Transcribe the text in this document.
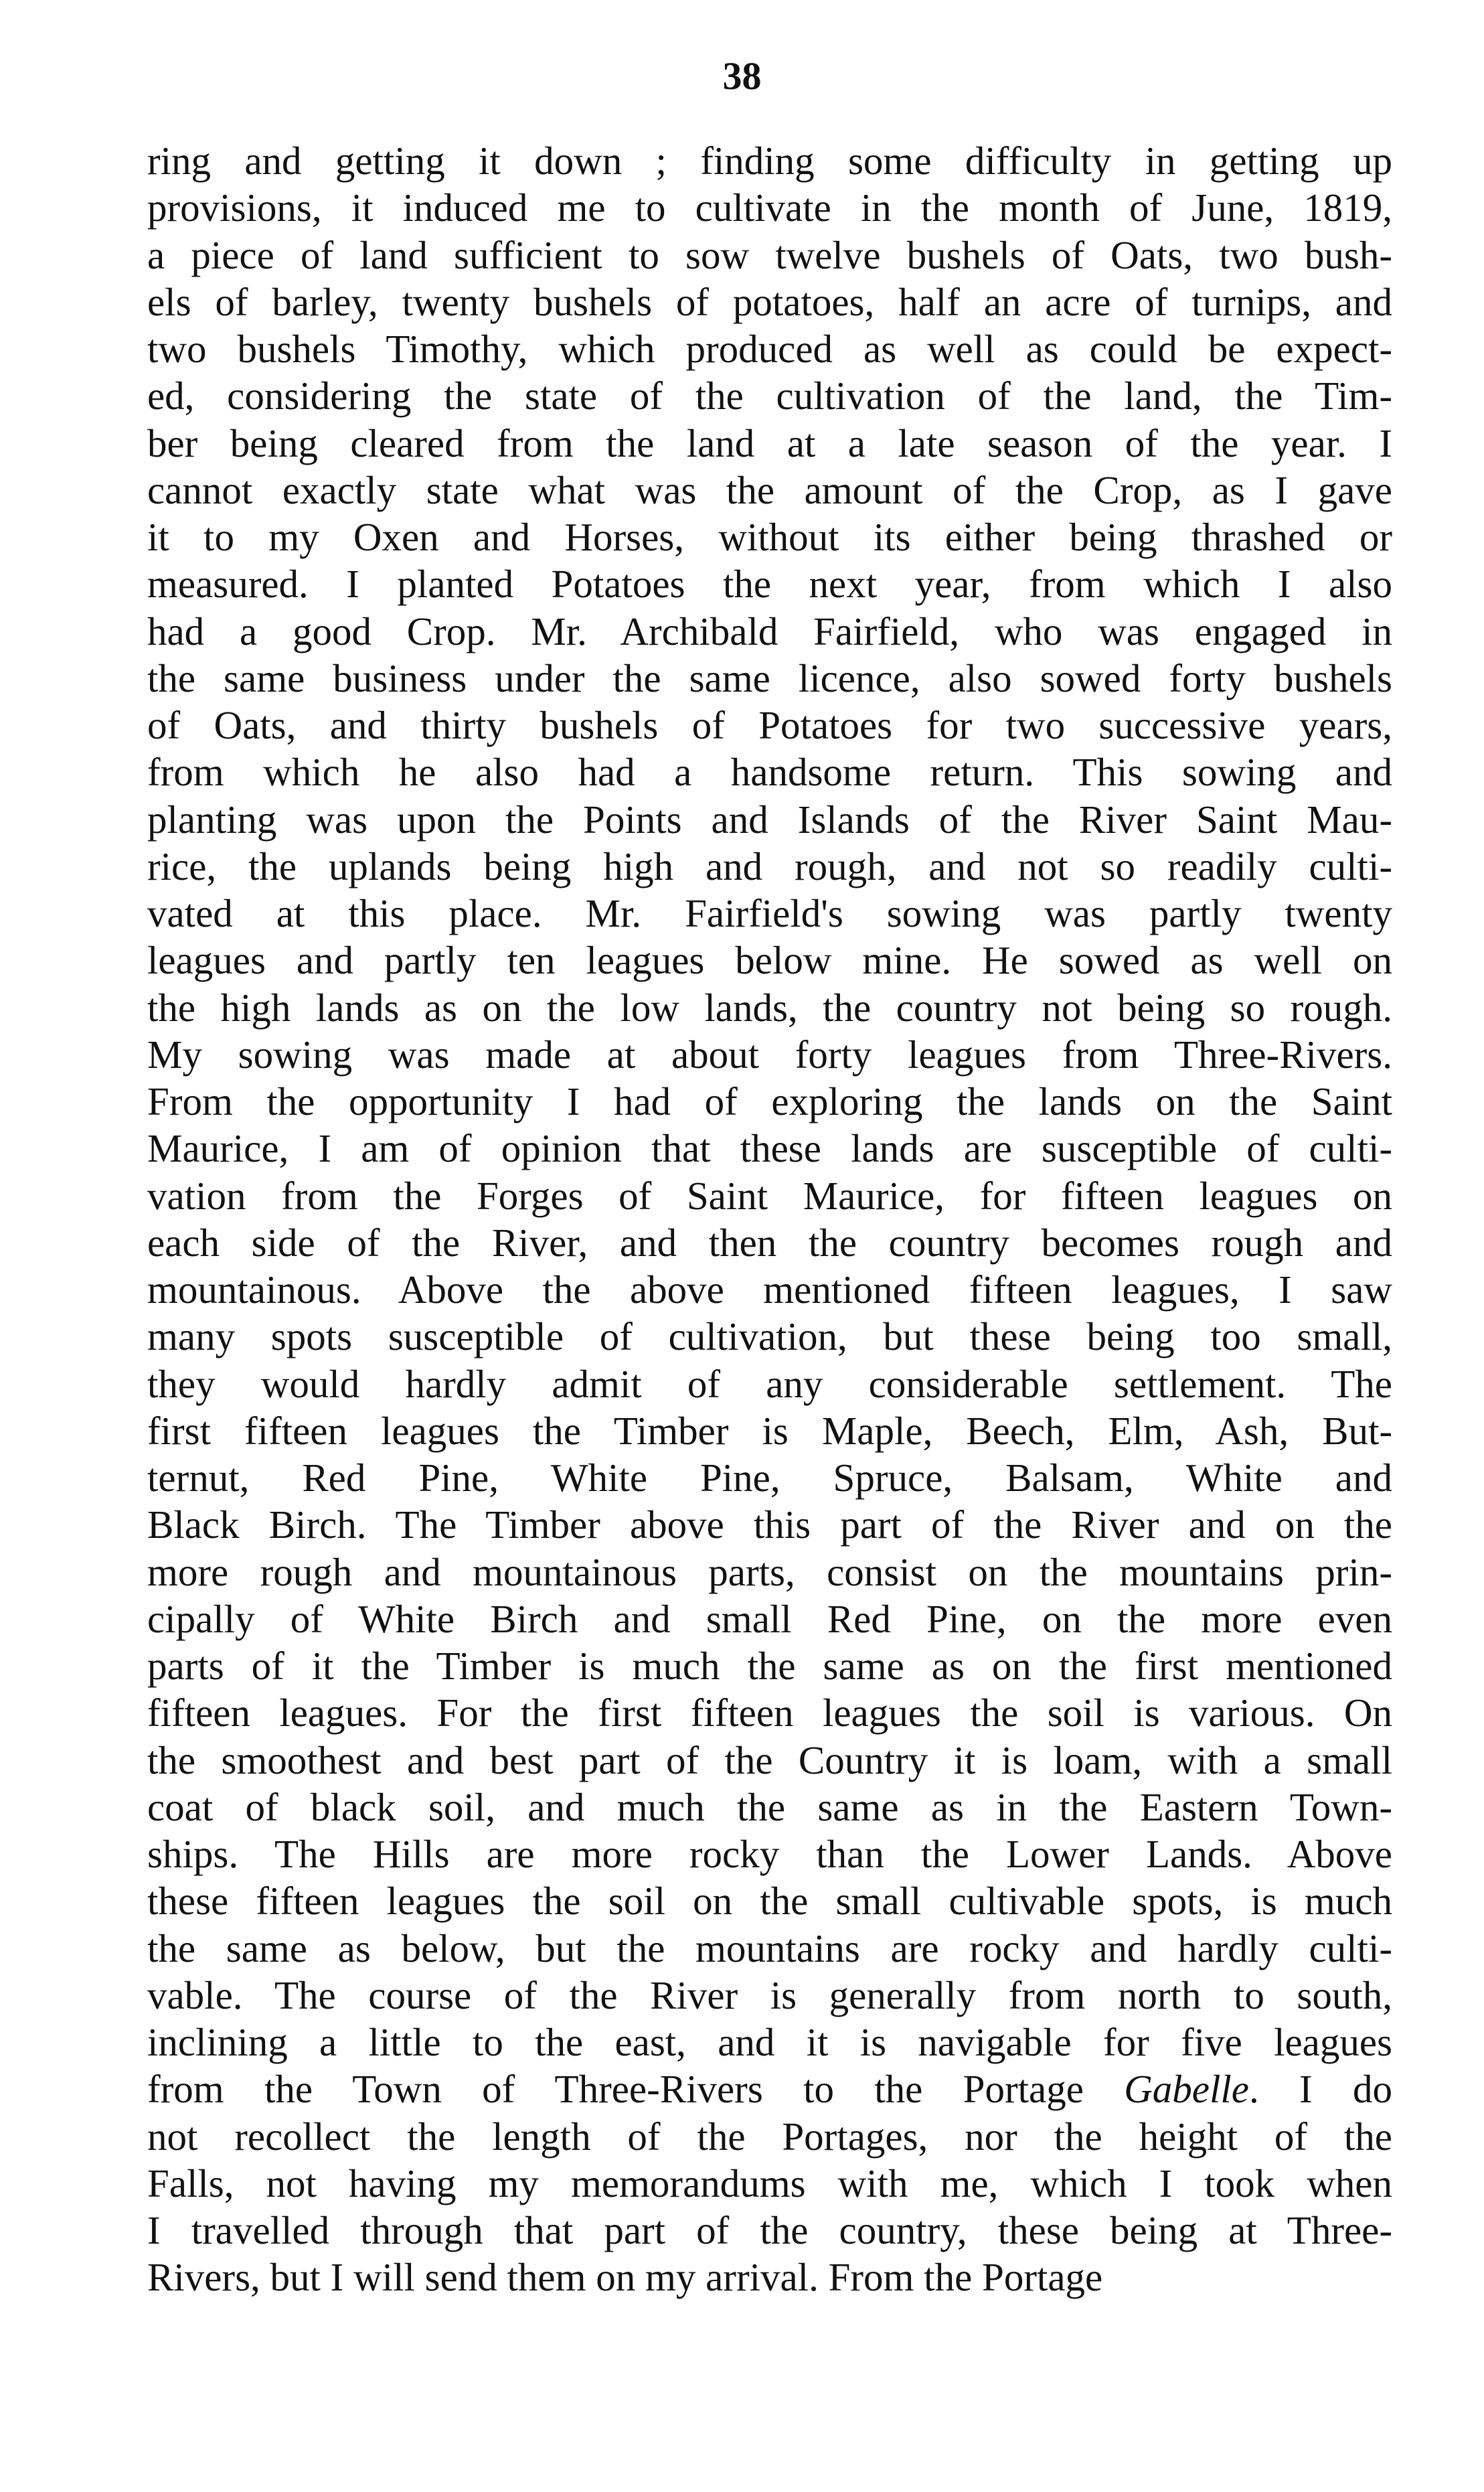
38
ring and getting it down ; finding some difficulty in getting up
provisions, it induced me to cultivate in the month of June, 1819,
a piece of land sufficient to sow twelve bushels of Oats, two bush-
els of barley, twenty bushels of potatoes, half an acre of turnips, and
two bushels Timothy, which produced as well as could be expect-
ed, considering the state of the cultivation of the land, the Tim-
ber being cleared from the land at a late season of the year. I
cannot exactly state what was the amount of the Crop, as I gave
it to my Oxen and Horses, without its either being thrashed or
measured. I planted Potatoes the next year, from which I also
had a good Crop. Mr. Archibald Fairfield, who was engaged in
the same business under the same licence, also sowed forty bushels
of Oats, and thirty bushels of Potatoes for two successive years,
from which he also had a handsome return. This sowing and
planting was upon the Points and Islands of the River Saint Mau-
rice, the uplands being high and rough, and not so readily culti-
vated at this place. Mr. Fairfield's sowing was partly twenty
leagues and partly ten leagues below mine. He sowed as well on
the high lands as on the low lands, the country not being so rough.
My sowing was made at about forty leagues from Three-Rivers.
From the opportunity I had of exploring the lands on the Saint
Maurice, I am of opinion that these lands are susceptible of culti-
vation from the Forges of Saint Maurice, for fifteen leagues on
each side of the River, and then the country becomes rough and
mountainous. Above the above mentioned fifteen leagues, I saw
many spots susceptible of cultivation, but these being too small,
they would hardly admit of any considerable settlement. The
first fifteen leagues the Timber is Maple, Beech, Elm, Ash, But-
ternut, Red Pine, White Pine, Spruce, Balsam, White and
Black Birch. The Timber above this part of the River and on the
more rough and mountainous parts, consist on the mountains prin-
cipally of White Birch and small Red Pine, on the more even
parts of it the Timber is much the same as on the first mentioned
fifteen leagues. For the first fifteen leagues the soil is various. On
the smoothest and best part of the Country it is loam, with a small
coat of black soil, and much the same as in the Eastern Town-
ships. The Hills are more rocky than the Lower Lands. Above
these fifteen leagues the soil on the small cultivable spots, is much
the same as below, but the mountains are rocky and hardly culti-
vable. The course of the River is generally from north to south,
inclining a little to the east, and it is navigable for five leagues
from the Town of Three-Rivers to the Portage Gabelle. I do
not recollect the length of the Portages, nor the height of the
Falls, not having my memorandums with me, which I took when
I travelled through that part of the country, these being at Three-
Rivers, but I will send them on my arrival. From the Portage
